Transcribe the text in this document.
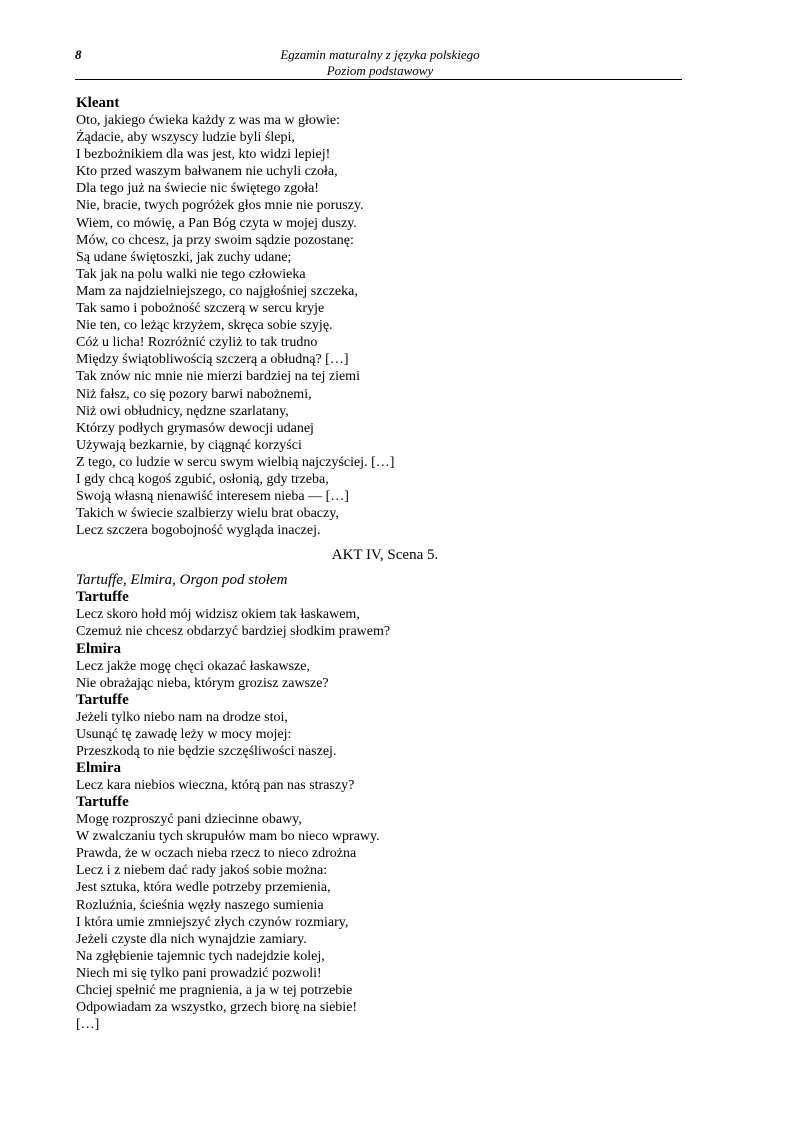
8	Egzamin maturalny z języka polskiego
Poziom podstawowy
Kleant
Oto, jakiego ćwieka każdy z was ma w głowie:
Żądacie, aby wszyscy ludzie byli ślepi,
I bezbożnikiem dla was jest, kto widzi lepiej!
Kto przed waszym bałwanem nie uchyli czoła,
Dla tego już na świecie nic świętego zgoła!
Nie, bracie, twych pogróżek głos mnie nie poruszy.
Wiem, co mówię, a Pan Bóg czyta w mojej duszy.
Mów, co chcesz, ja przy swoim sądzie pozostanę:
Są udane świętoszki, jak zuchy udane;
Tak jak na polu walki nie tego człowieka
Mam za najdzielniejszego, co najgłośniej szczeka,
Tak samo i pobożność szczerą w sercu kryje
Nie ten, co leżąc krzyżem, skręca sobie szyję.
Cóż u licha! Rozróżnić czyliż to tak trudno
Między świątobliwością szczerą a obłudną? […]
Tak znów nic mnie nie mierzi bardziej na tej ziemi
Niż fałsz, co się pozory barwi nabożnemi,
Niż owi obłudnicy, nędzne szarlatany,
Którzy podłych grymasów dewocji udanej
Używają bezkarnie, by ciągnąć korzyści
Z tego, co ludzie w sercu swym wielbią najczyściej. […]
I gdy chcą kogoś zgubić, osłonią, gdy trzeba,
Swoją własną nienawiść interesem nieba — […]
Takich w świecie szalbierzy wielu brat obaczy,
Lecz szczera bogobojność wygląda inaczej.
AKT IV, Scena 5.
Tartuffe, Elmira, Orgon pod stołem
Tartuffe
Lecz skoro hołd mój widzisz okiem tak łaskawem,
Czemuż nie chcesz obdarzyć bardziej słodkim prawem?
Elmira
Lecz jakże mogę chęci okazać łaskawsze,
Nie obrażając nieba, którym grozisz zawsze?
Tartuffe
Jeżeli tylko niebo nam na drodze stoi,
Usunąć tę zawadę leży w mocy mojej:
Przeszkodą to nie będzie szczęśliwości naszej.
Elmira
Lecz kara niebios wieczna, którą pan nas straszy?
Tartuffe
Mogę rozproszyć pani dziecinne obawy,
W zwalczaniu tych skrupułów mam bo nieco wprawy.
Prawda, że w oczach nieba rzecz to nieco zdrożna
Lecz i z niebem dać rady jakoś sobie można:
Jest sztuka, która wedle potrzeby przemienia,
Rozluźnia, ścieśnia węzły naszego sumienia
I która umie zmniejszyć złych czynów rozmiary,
Jeżeli czyste dla nich wynajdzie zamiary.
Na zgłębienie tajemnic tych nadejdzie kolej,
Niech mi się tylko pani prowadzić pozwoli!
Chciej spełnić me pragnienia, a ja w tej potrzebie
Odpowiadam za wszystko, grzech biorę na siebie!
[…]
